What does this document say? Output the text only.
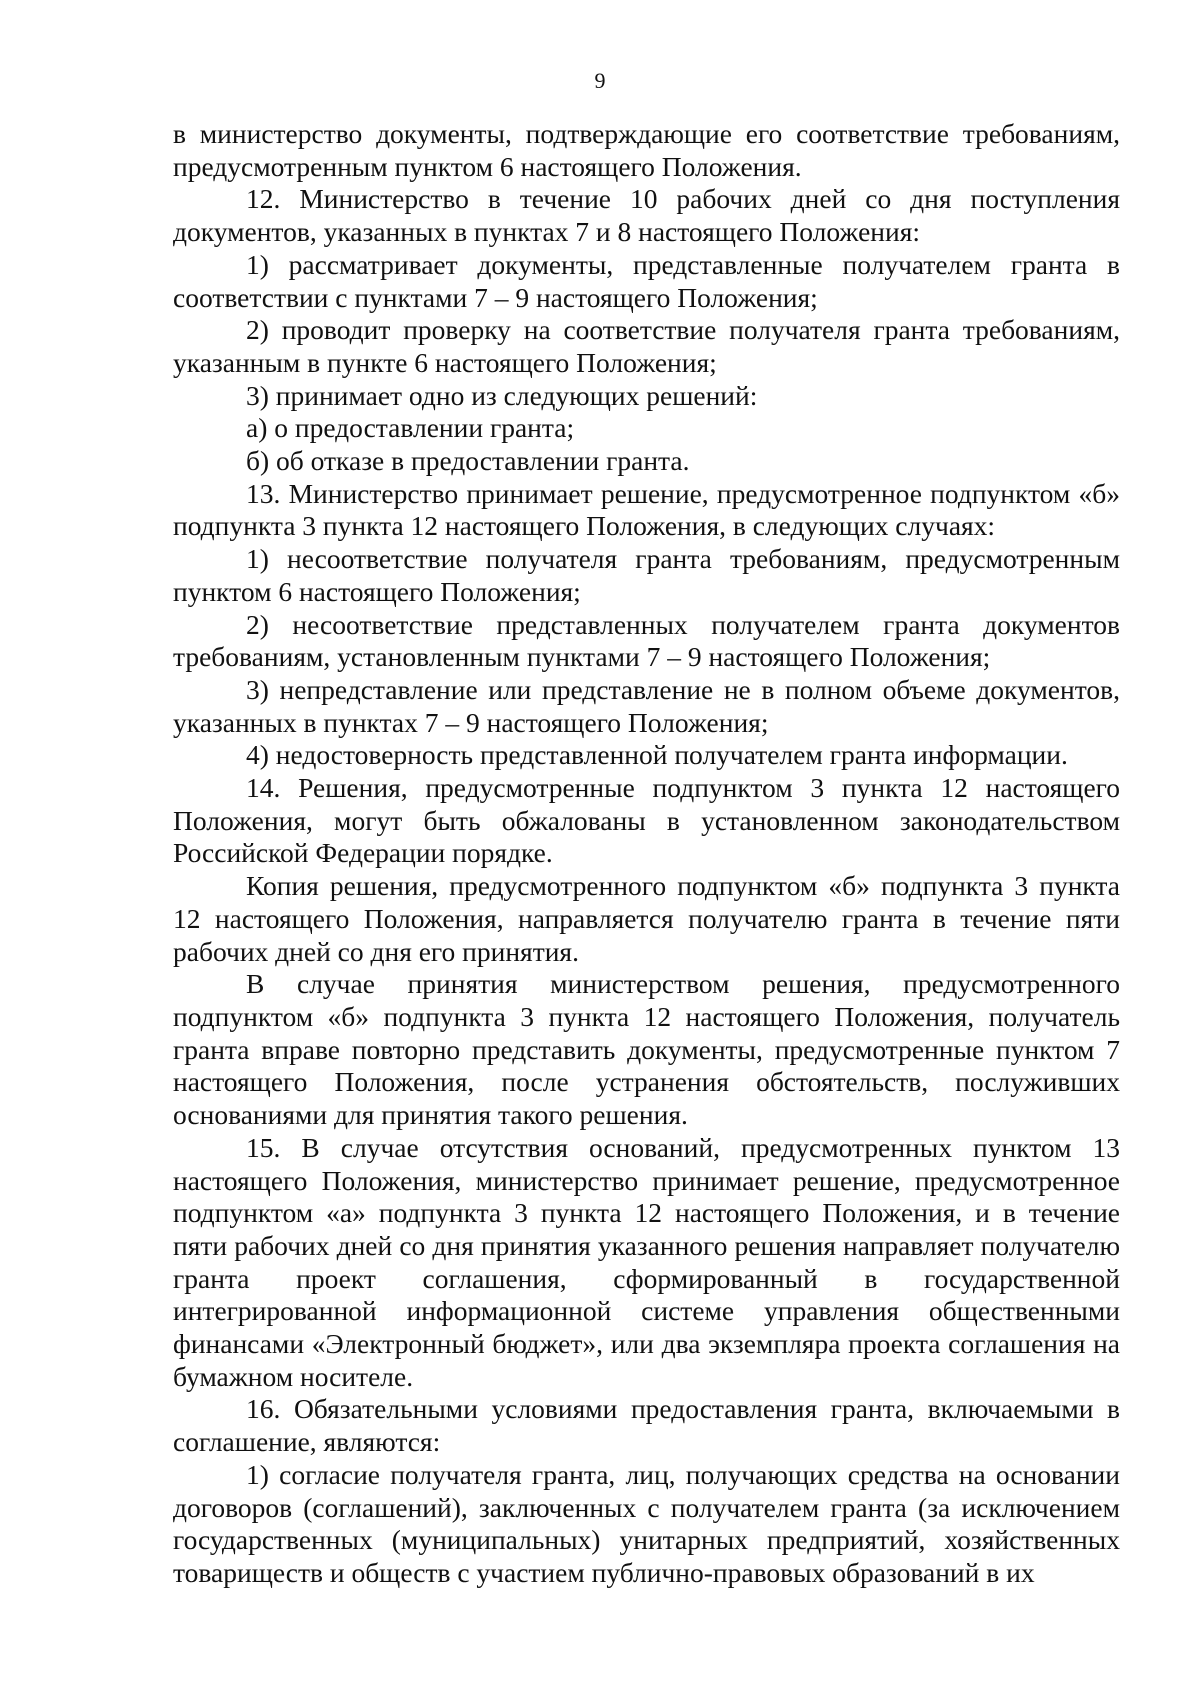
9

в министерство документы, подтверждающие его соответствие требованиям, предусмотренным пунктом 6 настоящего Положения.

12. Министерство в течение 10 рабочих дней со дня поступления документов, указанных в пунктах 7 и 8 настоящего Положения:

1) рассматривает документы, представленные получателем гранта в соответствии с пунктами 7 – 9 настоящего Положения;

2) проводит проверку на соответствие получателя гранта требованиям, указанным в пункте 6 настоящего Положения;

3) принимает одно из следующих решений:

а) о предоставлении гранта;

б) об отказе в предоставлении гранта.

13. Министерство принимает решение, предусмотренное подпунктом «б» подпункта 3 пункта 12 настоящего Положения, в следующих случаях:

1) несоответствие получателя гранта требованиям, предусмотренным пунктом 6 настоящего Положения;

2) несоответствие представленных получателем гранта документов требованиям, установленным пунктами 7 – 9 настоящего Положения;

3) непредставление или представление не в полном объеме документов, указанных в пунктах 7 – 9 настоящего Положения;

4) недостоверность представленной получателем гранта информации.

14. Решения, предусмотренные подпунктом 3 пункта 12 настоящего Положения, могут быть обжалованы в установленном законодательством Российской Федерации порядке.

Копия решения, предусмотренного подпунктом «б» подпункта 3 пункта 12 настоящего Положения, направляется получателю гранта в течение пяти рабочих дней со дня его принятия.

В случае принятия министерством решения, предусмотренного подпунктом «б» подпункта 3 пункта 12 настоящего Положения, получатель гранта вправе повторно представить документы, предусмотренные пунктом 7 настоящего Положения, после устранения обстоятельств, послуживших основаниями для принятия такого решения.

15. В случае отсутствия оснований, предусмотренных пунктом 13 настоящего Положения, министерство принимает решение, предусмотренное подпунктом «а» подпункта 3 пункта 12 настоящего Положения, и в течение пяти рабочих дней со дня принятия указанного решения направляет получателю гранта проект соглашения, сформированный в государственной интегрированной информационной системе управления общественными финансами «Электронный бюджет», или два экземпляра проекта соглашения на бумажном носителе.

16. Обязательными условиями предоставления гранта, включаемыми в соглашение, являются:

1) согласие получателя гранта, лиц, получающих средства на основании договоров (соглашений), заключенных с получателем гранта (за исключением государственных (муниципальных) унитарных предприятий, хозяйственных товариществ и обществ с участием публично-правовых образований в их
